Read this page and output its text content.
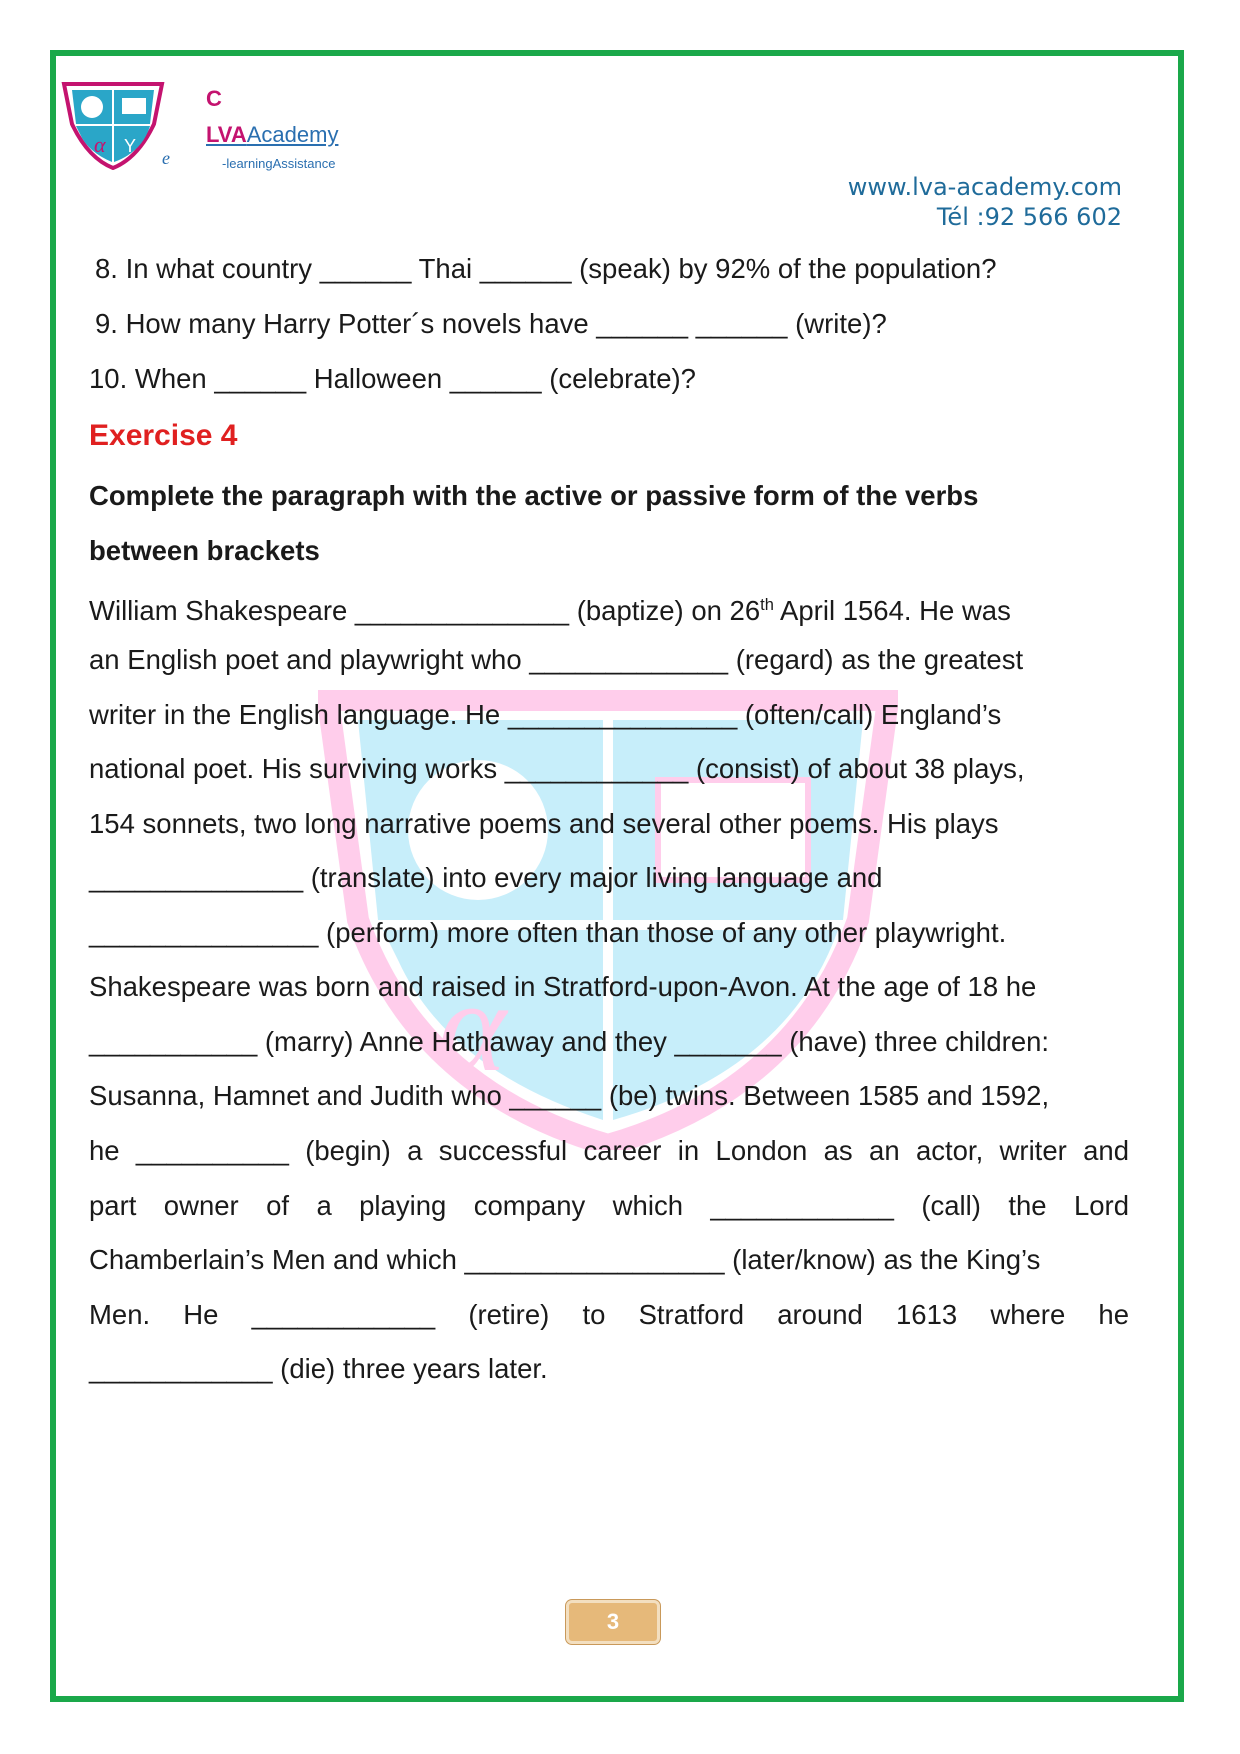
α Y
C
LVAAcademy
e	-learningAssistance
www.lva-academy.com
Tél :92 566 602
α
8. In what country ______ Thai ______ (speak) by 92% of the population?
9. How many Harry Potter´s novels have ______ ______ (write)?
10. When ______ Halloween ______ (celebrate)?
Exercise 4
Complete the paragraph with the active or passive form of the verbs
between brackets
William Shakespeare ______________ (baptize) on 26th April 1564. He was
an English poet and playwright who _____________ (regard) as the greatest
writer in the English language. He _______________ (often/call) England’s
national poet. His surviving works ____________ (consist) of about 38 plays,
154 sonnets, two long narrative poems and several other poems. His plays
______________ (translate) into every major living language and
_______________ (perform) more often than those of any other playwright.
Shakespeare was born and raised in Stratford-upon-Avon. At the age of 18 he
___________ (marry) Anne Hathaway and they _______ (have) three children:
Susanna, Hamnet and Judith who ______ (be) twins. Between 1585 and 1592,
he __________ (begin) a successful career in London as an actor, writer and
part owner of a playing company which ____________ (call) the Lord
Chamberlain’s Men and which _________________ (later/know) as the King’s
Men. He ____________ (retire) to Stratford around 1613 where he
____________ (die) three years later.
3
